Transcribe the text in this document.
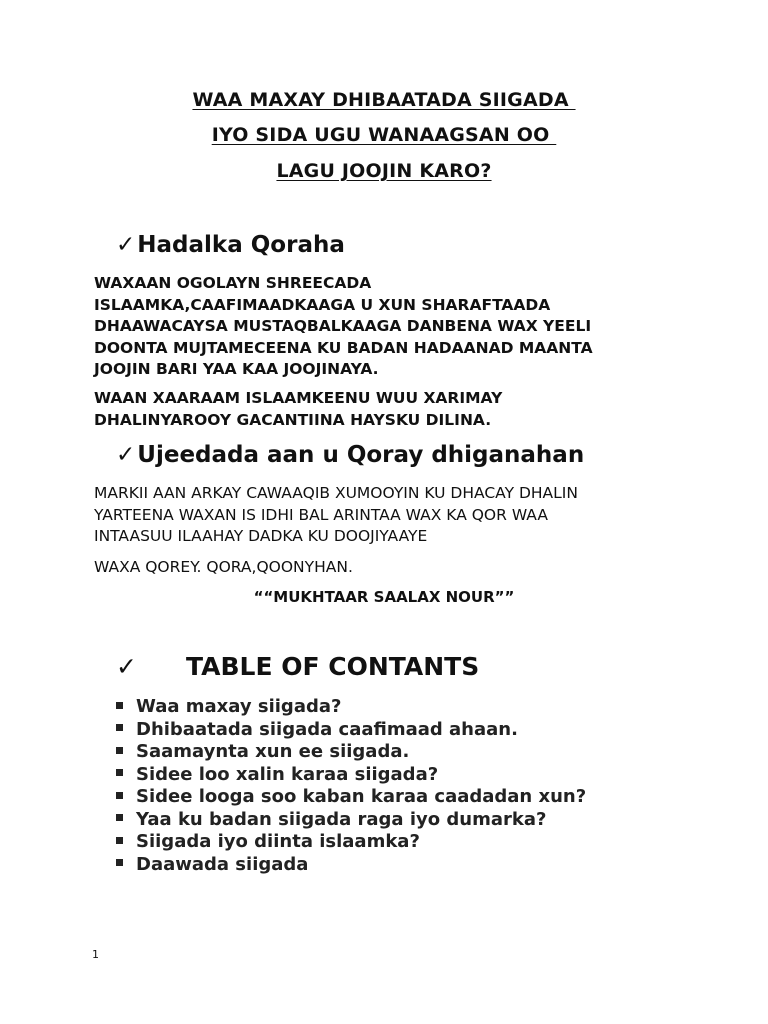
WAA MAXAY DHIBAATADA SIIGADA
IYO SIDA UGU WANAAGSAN OO
LAGU JOOJIN KARO?
✓Hadalka Qoraha
WAXAAN OGOLAYN SHREECADA
ISLAAMKA,CAAFIMAADKAAGA U XUN SHARAFTAADA
DHAAWACAYSA MUSTAQBALKAAGA DANBENA WAX YEELI
DOONTA MUJTAMECEENA KU BADAN HADAANAD MAANTA
JOOJIN BARI YAA KAA JOOJINAYA.
WAAN XAARAAM ISLAAMKEENU WUU XARIMAY
DHALINYAROOY GACANTIINA HAYSKU DILINA.
✓Ujeedada aan u Qoray dhiganahan
MARKII AAN ARKAY CAWAAQIB XUMOOYIN KU DHACAY DHALIN
YARTEENA WAXAN IS IDHI BAL ARINTAA WAX KA QOR WAA
INTAASUU ILAAHAY DADKA KU DOOJIYAAYE
WAXA QOREY. QORA,QOONYHAN.
““MUKHTAAR SAALAX NOUR””
✓ TABLE OF CONTANTS
Waa maxay siigada?
Dhibaatada siigada caafimaad ahaan.
Saamaynta xun ee siigada.
Sidee loo xalin karaa siigada?
Sidee looga soo kaban karaa caadadan xun?
Yaa ku badan siigada raga iyo dumarka?
Siigada iyo diinta islaamka?
Daawada siigada
1
